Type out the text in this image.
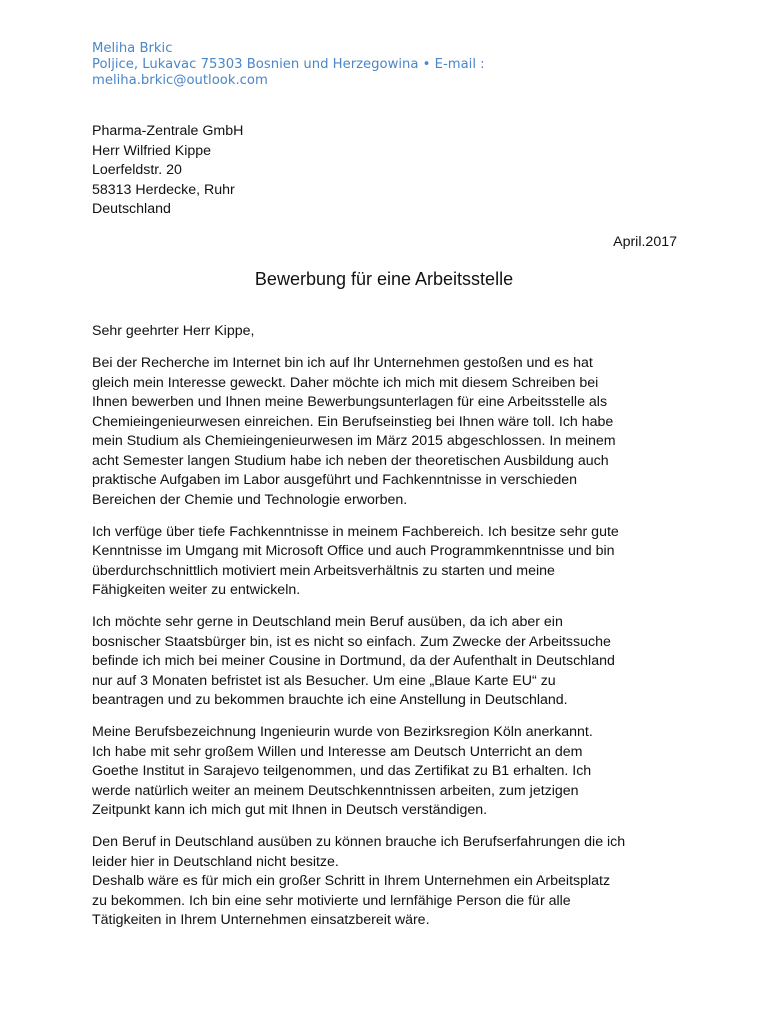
Meliha Brkic
Poljice, Lukavac 75303 Bosnien und Herzegowina • E-mail :
meliha.brkic@outlook.com
Pharma-Zentrale GmbH
Herr Wilfried Kippe
Loerfeldstr. 20
58313 Herdecke, Ruhr
Deutschland
April.2017
Bewerbung für eine Arbeitsstelle
Sehr geehrter Herr Kippe,
Bei der Recherche im Internet bin ich auf Ihr Unternehmen gestoßen und es hat
gleich mein Interesse geweckt. Daher möchte ich mich mit diesem Schreiben bei
Ihnen bewerben und Ihnen meine Bewerbungsunterlagen für eine Arbeitsstelle als
Chemieingenieurwesen einreichen. Ein Berufseinstieg bei Ihnen wäre toll. Ich habe
mein Studium als Chemieingenieurwesen im März 2015 abgeschlossen. In meinem
acht Semester langen Studium habe ich neben der theoretischen Ausbildung auch
praktische Aufgaben im Labor ausgeführt und Fachkenntnisse in verschieden
Bereichen der Chemie und Technologie erworben.
Ich verfüge über tiefe Fachkenntnisse in meinem Fachbereich. Ich besitze sehr gute
Kenntnisse im Umgang mit Microsoft Office und auch Programmkenntnisse und bin
überdurchschnittlich motiviert mein Arbeitsverhältnis zu starten und meine
Fähigkeiten weiter zu entwickeln.
Ich möchte sehr gerne in Deutschland mein Beruf ausüben, da ich aber ein
bosnischer Staatsbürger bin, ist es nicht so einfach. Zum Zwecke der Arbeitssuche
befinde ich mich bei meiner Cousine in Dortmund, da der Aufenthalt in Deutschland
nur auf 3 Monaten befristet ist als Besucher. Um eine „Blaue Karte EU“ zu
beantragen und zu bekommen brauchte ich eine Anstellung in Deutschland.
Meine Berufsbezeichnung Ingenieurin wurde von Bezirksregion Köln anerkannt.
Ich habe mit sehr großem Willen und Interesse am Deutsch Unterricht an dem
Goethe Institut in Sarajevo teilgenommen, und das Zertifikat zu B1 erhalten. Ich
werde natürlich weiter an meinem Deutschkenntnissen arbeiten, zum jetzigen
Zeitpunkt kann ich mich gut mit Ihnen in Deutsch verständigen.
Den Beruf in Deutschland ausüben zu können brauche ich Berufserfahrungen die ich
leider hier in Deutschland nicht besitze.
Deshalb wäre es für mich ein großer Schritt in Ihrem Unternehmen ein Arbeitsplatz
zu bekommen. Ich bin eine sehr motivierte und lernfähige Person die für alle
Tätigkeiten in Ihrem Unternehmen einsatzbereit wäre.
